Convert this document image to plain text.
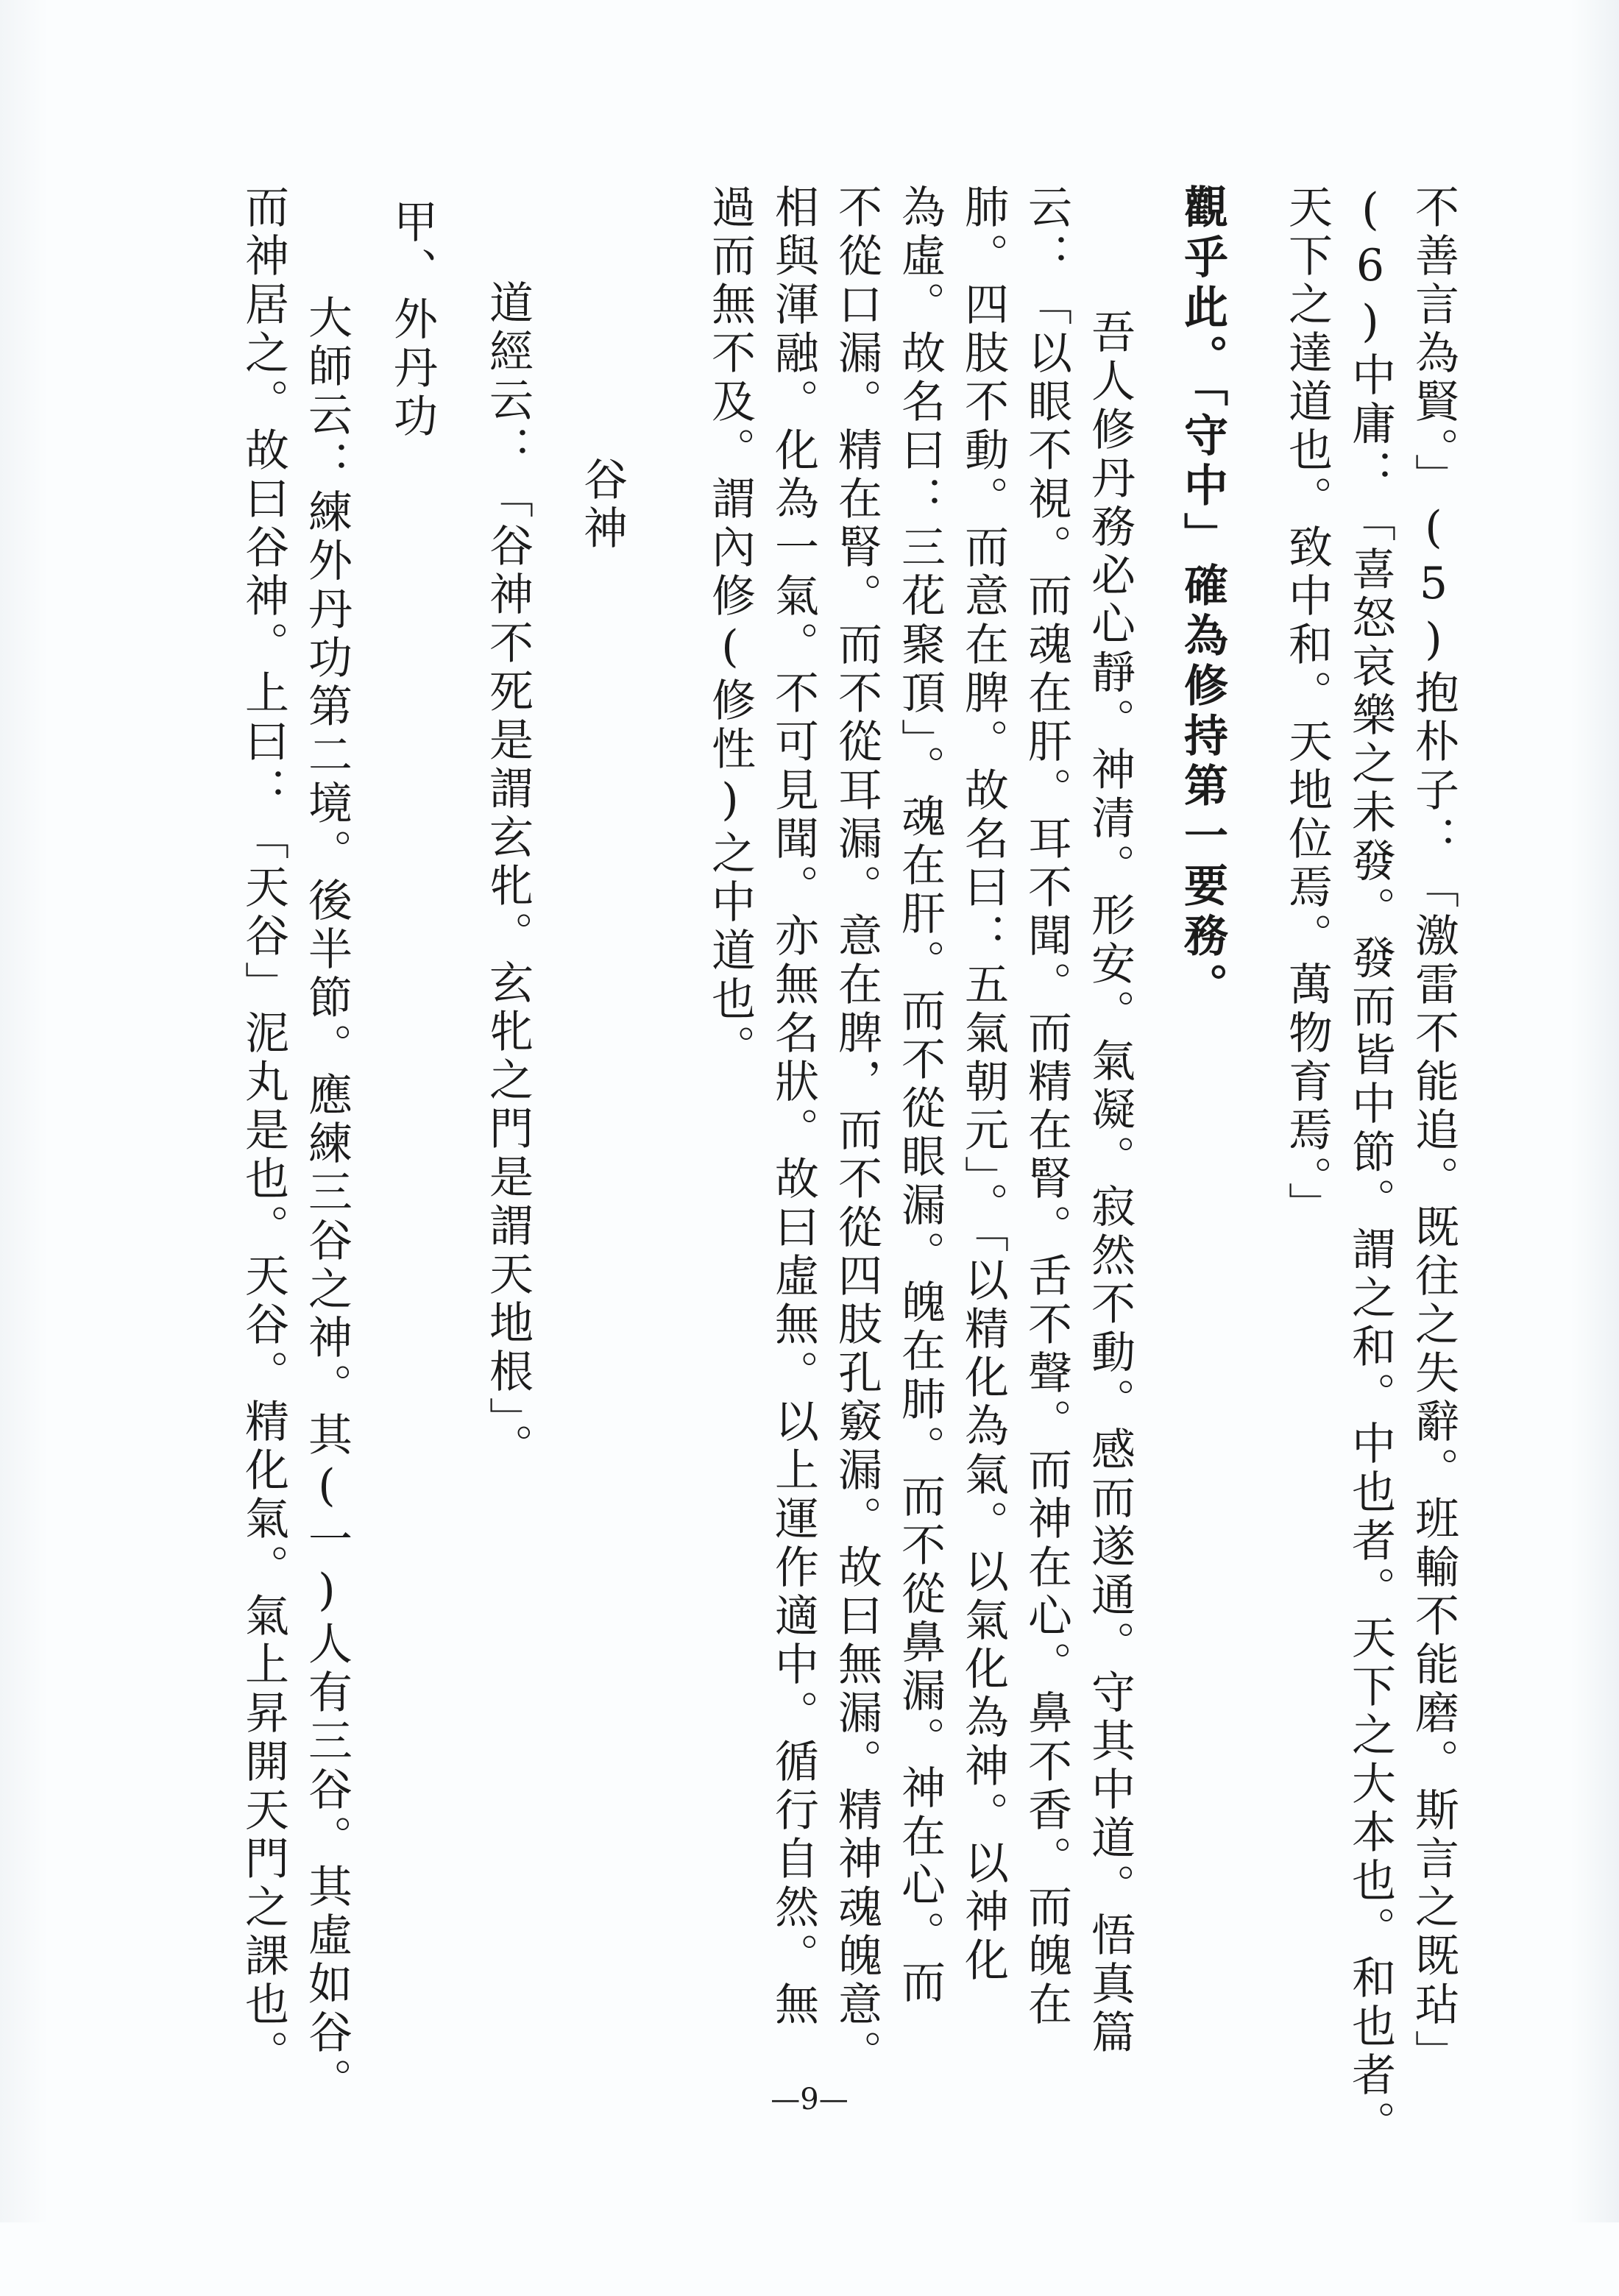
不善言為賢。」(5)抱朴子：「激雷不能追。既往之失辭。班輸不能磨。斯言之既玷」
(6)中庸：「喜怒哀樂之未發。發而皆中節。謂之和。中也者。天下之大本也。和也者。
天下之達道也。致中和。天地位焉。萬物育焉。」
觀乎此。「守中」確為修持第一要務。
吾人修丹務必心靜。神清。形安。氣凝。寂然不動。感而遂通。守其中道。悟真篇
云：「以眼不視。而魂在肝。耳不聞。而精在腎。舌不聲。而神在心。鼻不香。而魄在
肺。四肢不動。而意在脾。故名曰：五氣朝元」。「以精化為氣。以氣化為神。以神化
為虛。故名曰：三花聚頂」。魂在肝。而不從眼漏。魄在肺。而不從鼻漏。神在心。而
不從口漏。精在腎。而不從耳漏。意在脾，而不從四肢孔竅漏。故曰無漏。精神魂魄意。
相與渾融。化為一氣。不可見聞。亦無名狀。故曰虛無。以上運作適中。循行自然。無
過而無不及。謂內修(修性)之中道也。
谷神
道經云：「谷神不死是謂玄牝。玄牝之門是謂天地根」。
甲、外丹功
大師云：練外丹功第二境。後半節。應練三谷之神。其(一)人有三谷。其虛如谷。
而神居之。故曰谷神。上曰：「天谷」泥丸是也。天谷。精化氣。氣上昇開天門之課也。
—9—
